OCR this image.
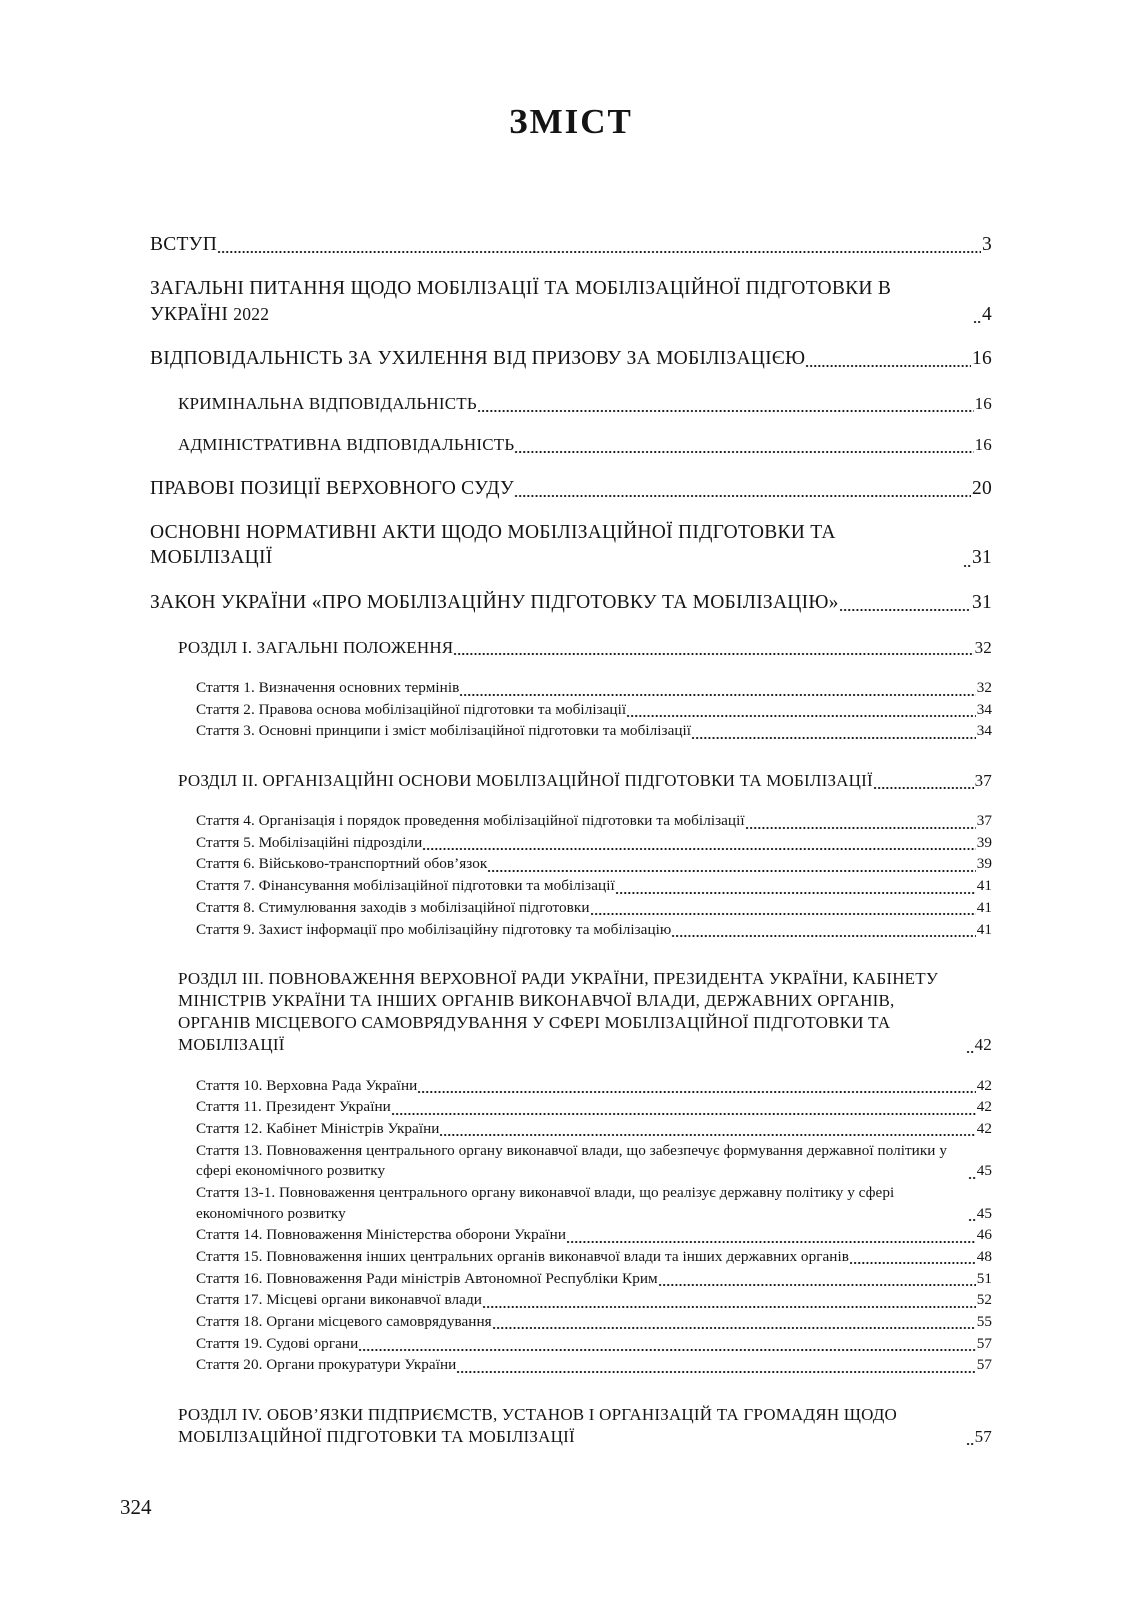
ЗМІСТ
ВСТУП	3
ЗАГАЛЬНІ ПИТАННЯ ЩОДО МОБІЛІЗАЦІЇ ТА МОБІЛІЗАЦІЙНОЇ ПІДГОТОВКИ В УКРАЇНІ 2022	4
ВІДПОВІДАЛЬНІСТЬ ЗА УХИЛЕННЯ ВІД ПРИЗОВУ ЗА МОБІЛІЗАЦІЄЮ	16
КРИМІНАЛЬНА ВІДПОВІДАЛЬНІСТЬ	16
АДМІНІСТРАТИВНА ВІДПОВІДАЛЬНІСТЬ	16
ПРАВОВІ ПОЗИЦІЇ ВЕРХОВНОГО СУДУ	20
ОСНОВНІ НОРМАТИВНІ АКТИ ЩОДО МОБІЛІЗАЦІЙНОЇ ПІДГОТОВКИ ТА МОБІЛІЗАЦІЇ	31
ЗАКОН УКРАЇНИ «ПРО МОБІЛІЗАЦІЙНУ ПІДГОТОВКУ ТА МОБІЛІЗАЦІЮ»	31
РОЗДІЛ I. ЗАГАЛЬНІ ПОЛОЖЕННЯ	32
Стаття 1. Визначення основних термінів	32
Стаття 2. Правова основа мобілізаційної підготовки та мобілізації	34
Стаття 3. Основні принципи і зміст мобілізаційної підготовки та мобілізації	34
РОЗДІЛ II. ОРГАНІЗАЦІЙНІ ОСНОВИ МОБІЛІЗАЦІЙНОЇ ПІДГОТОВКИ ТА МОБІЛІЗАЦІЇ	37
Стаття 4. Організація і порядок проведення мобілізаційної підготовки та мобілізації	37
Стаття 5. Мобілізаційні підрозділи	39
Стаття 6. Військово-транспортний обов’язок	39
Стаття 7. Фінансування мобілізаційної підготовки та мобілізації	41
Стаття 8. Стимулювання заходів з мобілізаційної підготовки	41
Стаття 9. Захист інформації про мобілізаційну підготовку та мобілізацію	41
РОЗДІЛ III. ПОВНОВАЖЕННЯ ВЕРХОВНОЇ РАДИ УКРАЇНИ, ПРЕЗИДЕНТА УКРАЇНИ, КАБІНЕТУ МІНІСТРІВ УКРАЇНИ ТА ІНШИХ ОРГАНІВ ВИКОНАВЧОЇ ВЛАДИ, ДЕРЖАВНИХ ОРГАНІВ, ОРГАНІВ МІСЦЕВОГО САМОВРЯДУВАННЯ У СФЕРІ МОБІЛІЗАЦІЙНОЇ ПІДГОТОВКИ ТА МОБІЛІЗАЦІЇ	42
Стаття 10. Верховна Рада України	42
Стаття 11. Президент України	42
Стаття 12. Кабінет Міністрів України	42
Стаття 13. Повноваження центрального органу виконавчої влади, що забезпечує формування державної політики у сфері економічного розвитку	45
Стаття 13-1. Повноваження центрального органу виконавчої влади, що реалізує державну політику у сфері економічного розвитку	45
Стаття 14. Повноваження Міністерства оборони України	46
Стаття 15. Повноваження інших центральних органів виконавчої влади та інших державних органів	48
Стаття 16. Повноваження Ради міністрів Автономної Республіки Крим	51
Стаття 17. Місцеві органи виконавчої влади	52
Стаття 18. Органи місцевого самоврядування	55
Стаття 19. Судові органи	57
Стаття 20. Органи прокуратури України	57
РОЗДІЛ IV. ОБОВ’ЯЗКИ ПІДПРИЄМСТВ, УСТАНОВ І ОРГАНІЗАЦІЙ ТА ГРОМАДЯН ЩОДО МОБІЛІЗАЦІЙНОЇ ПІДГОТОВКИ ТА МОБІЛІЗАЦІЇ	57
324
